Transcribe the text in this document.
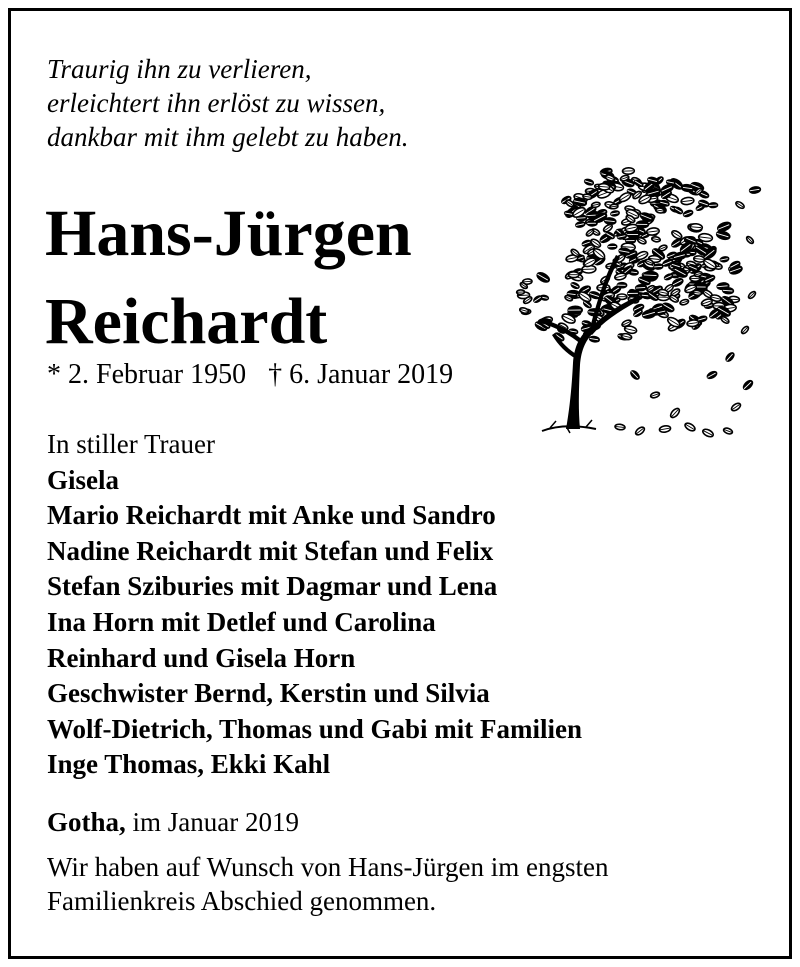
Traurig ihn zu verlieren,
erleichtert ihn erlöst zu wissen,
dankbar mit ihm gelebt zu haben.
Hans-Jürgen
Reichardt
* 2. Februar 1950 † 6. Januar 2019
In stiller Trauer
Gisela
Mario Reichardt mit Anke und Sandro
Nadine Reichardt mit Stefan und Felix
Stefan Sziburies mit Dagmar und Lena
Ina Horn mit Detlef und Carolina
Reinhard und Gisela Horn
Geschwister Bernd, Kerstin und Silvia
Wolf-Dietrich, Thomas und Gabi mit Familien
Inge Thomas, Ekki Kahl
Gotha, im Januar 2019
Wir haben auf Wunsch von Hans-Jürgen im engsten
Familienkreis Abschied genommen.
